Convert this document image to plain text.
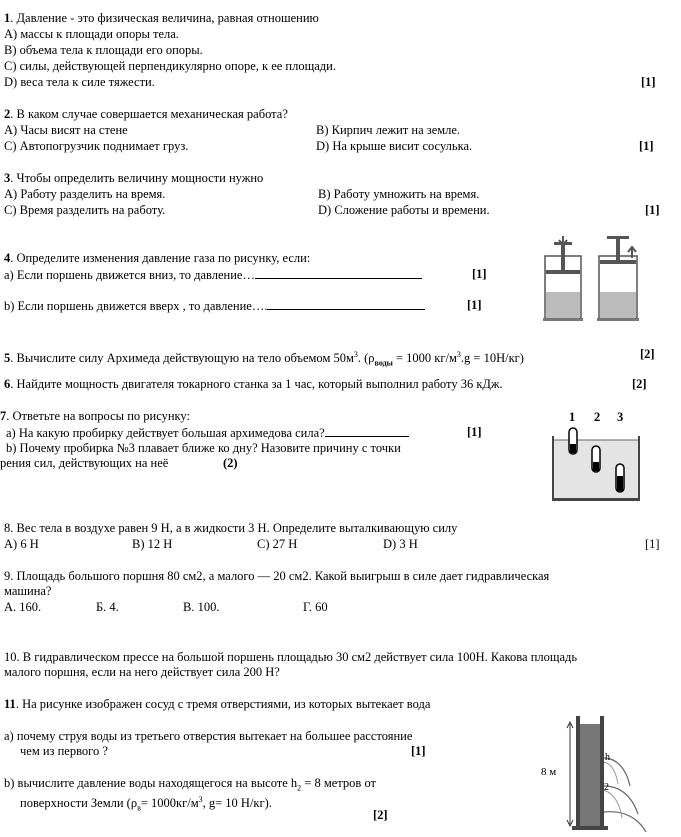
1. Давление - это физическая величина, равная отношению
А) массы к площади опоры тела.
В) объема тела к площади его опоры.
С) силы, действующей перпендикулярно опоре, к ее площади.
D) веса тела к силе тяжести.	[1]
2. В каком случае совершается механическая работа?
А) Часы висят на стене	В) Кирпич лежит на земле.
С) Автопогрузчик поднимает груз.	D) На крыше висит сосулька.	[1]
3. Чтобы определить величину мощности нужно
А) Работу разделить на время.	В) Работу умножить на время.
С) Время разделить на работу.	D) Сложение работы и времени.	[1]
4. Определите изменения давление газа по рисунку, если:
а) Если поршень движется вниз, то давление…	[1]
b) Если поршень движется вверх , то давление….	[1]
5. Вычислите силу Архимеда действующую на тело объемом $50м^3$. ($\rho_{воды} = 1000$ $кг/м^3.g = 10Н/кг$)	[2]
6. Найдите мощность двигателя токарного станка за 1 час, который выполнил работу 36 кДж.	[2]
7. Ответьте на вопросы по рисунку:
а) На какую пробирку действует большая архимедова сила?	[1]
b) Почему пробирка №3 плавает ближе ко дну? Назовите причину с точки
рения сил, действующих на неё	(2)
1 2 3
8. Вес тела в воздухе равен 9 Н, а в жидкости 3 Н. Определите выталкивающую силу
А) 6 Н	В) 12 Н	С) 27 Н	D) 3 Н	[1]
9. Площадь большого поршня 80 см2, а малого — 20 см2. Какой выигрыш в силе дает гидравлическая
машина?
А. 160.	Б. 4.	В. 100.	Г. 60
10. В гидравлическом прессе на большой поршень площадью 30 см2 действует сила 100Н. Какова площадь
малого поршня, если на него действует сила 200 Н?
11. На рисунке изображен сосуд с тремя отверстиями, из которых вытекает вода
а) почему струя воды из третьего отверстия вытекает на большее расстояние
чем из первого ?	[1]
b) вычислите давление воды находящегося на высоте $h_2 = 8$ метров от
поверхности Земли ($\rho_в= 1000кг/м^3$, g= 10 Н/кг).
[2]
8 м
h
2
